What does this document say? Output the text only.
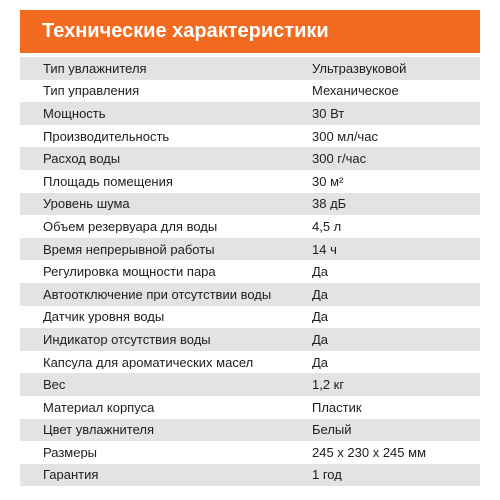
Технические характеристики
Тип увлажнителя	Ультразвуковой
Тип управления	Механическое
Мощность	30 Вт
Производительность	300 мл/час
Расход воды	300 г/час
Площадь помещения	30 м²
Уровень шума	38 дБ
Объем резервуара для воды	4,5 л
Время непрерывной работы	14 ч
Регулировка мощности пара	Да
Автоотключение при отсутствии воды	Да
Датчик уровня воды	Да
Индикатор отсутствия воды	Да
Капсула для ароматических масел	Да
Вес	1,2 кг
Материал корпуса	Пластик
Цвет увлажнителя	Белый
Размеры	245 х 230 х 245 мм
Гарантия	1 год
